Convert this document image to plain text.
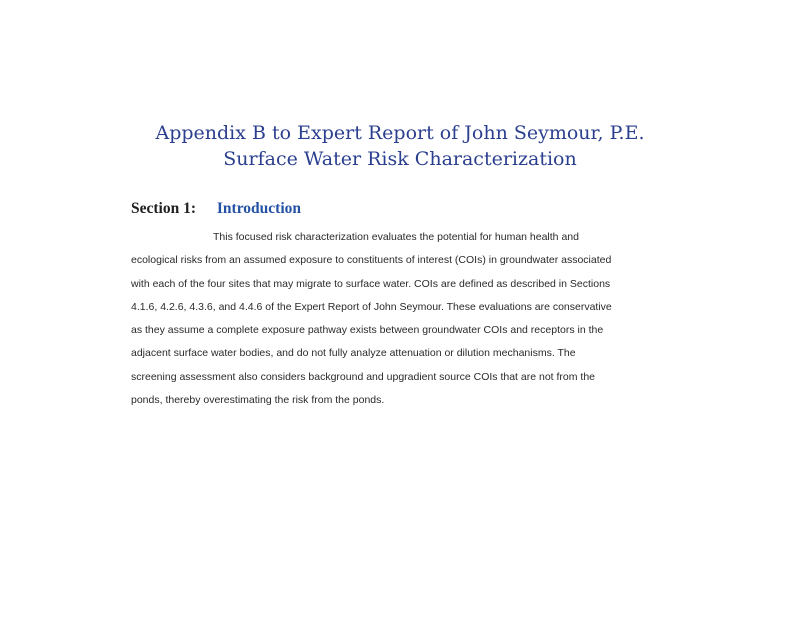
Appendix B to Expert Report of John Seymour, P.E.
Surface Water Risk Characterization
Section 1: Introduction
This focused risk characterization evaluates the potential for human health and
ecological risks from an assumed exposure to constituents of interest (COIs) in groundwater associated
with each of the four sites that may migrate to surface water. COIs are defined as described in Sections
4.1.6, 4.2.6, 4.3.6, and 4.4.6 of the Expert Report of John Seymour. These evaluations are conservative
as they assume a complete exposure pathway exists between groundwater COIs and receptors in the
adjacent surface water bodies, and do not fully analyze attenuation or dilution mechanisms. The
screening assessment also considers background and upgradient source COIs that are not from the
ponds, thereby overestimating the risk from the ponds.
